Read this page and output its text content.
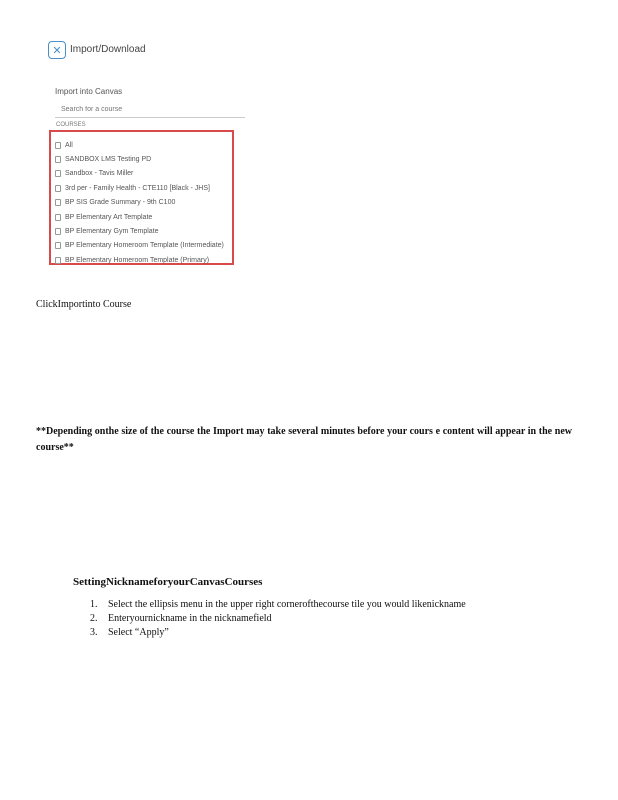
✕ Import/Download
Import into Canvas
Search for a course
COURSES
All
SANDBOX LMS Testing PD
Sandbox - Tavis Miller
3rd per - Family Health - CTE110 [Black - JHS]
BP SIS Grade Summary - 9th C100
BP Elementary Art Template
BP Elementary Gym Template
BP Elementary Homeroom Template (Intermediate)
BP Elementary Homeroom Template (Primary)
ClickImportinto Course
**Depending onthe size of the course the Import may take several minutes before your cours e content will appear in the new course**
SettingNicknameforyourCanvasCourses
1. Select the ellipsis menu in the upper right cornerofthecourse tile you would likenickname
2. Enteryournickname in the nicknamefield
3. Select “Apply”
